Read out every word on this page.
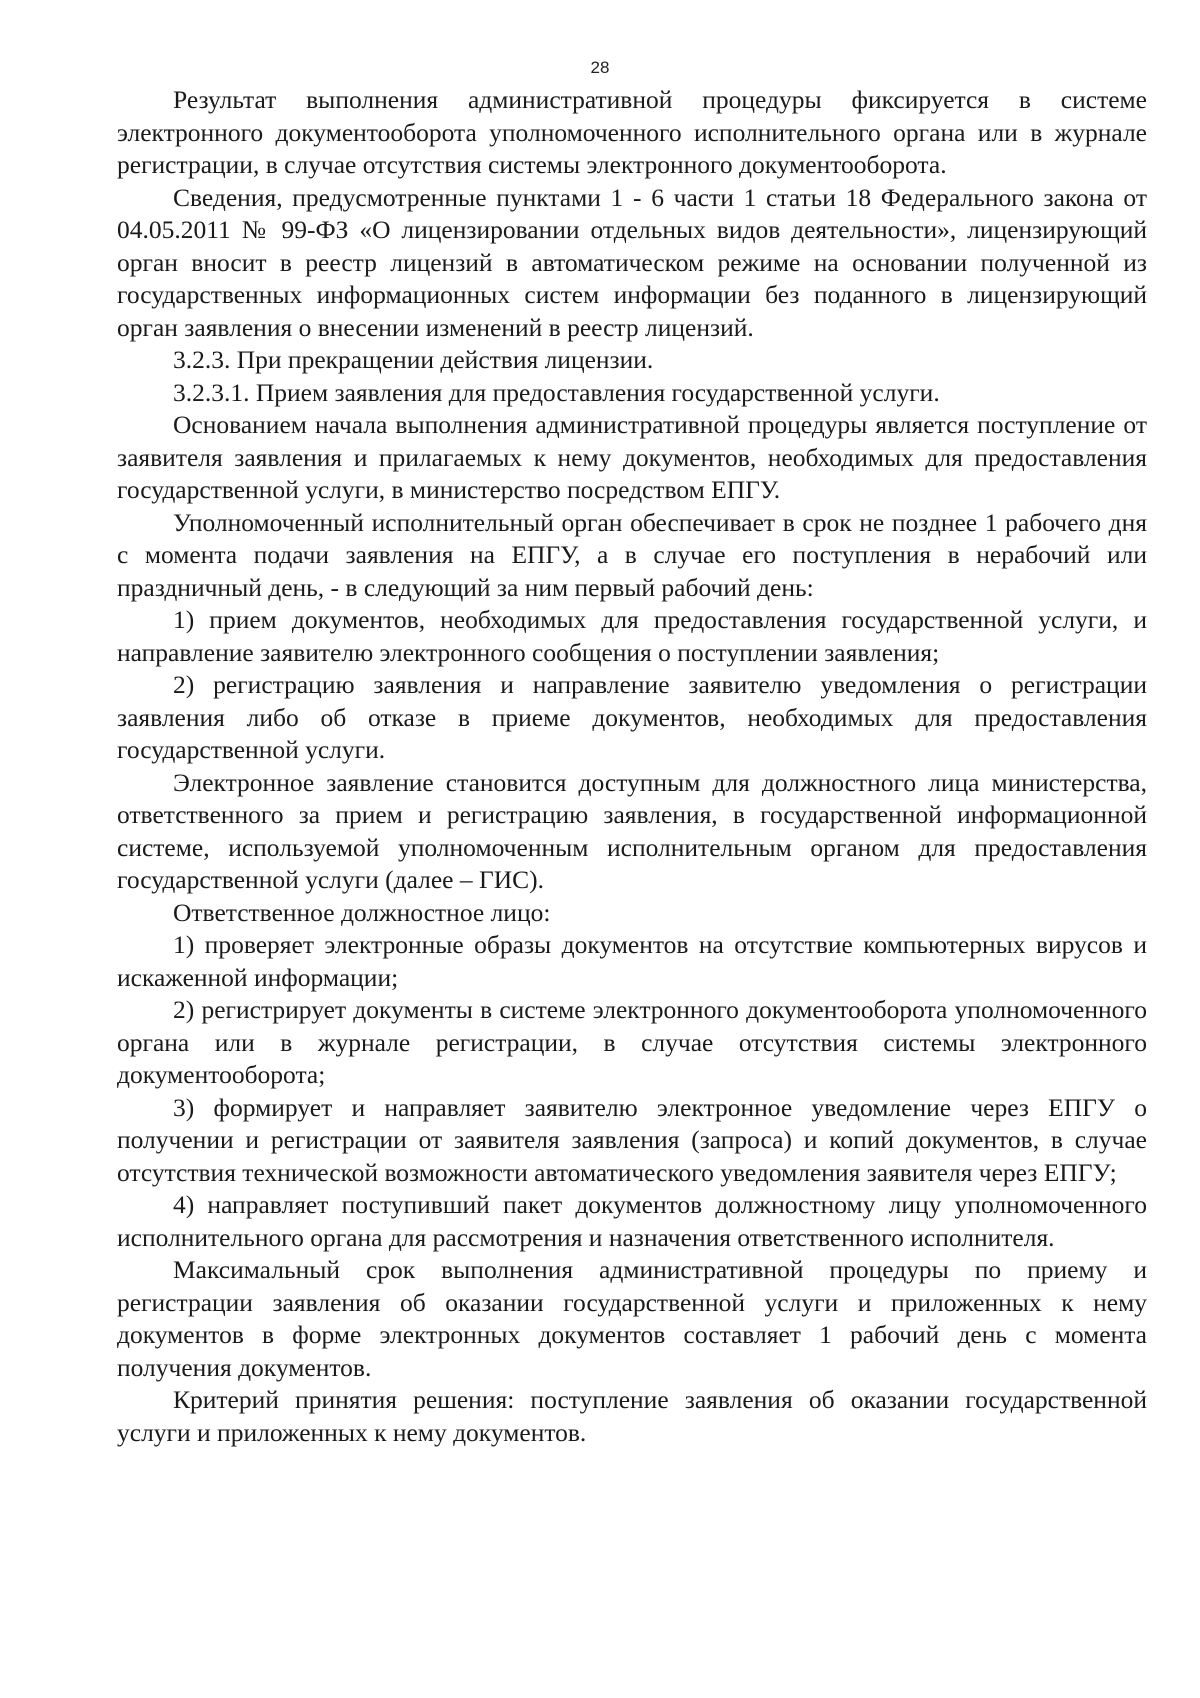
28

Результат выполнения административной процедуры фиксируется в системе электронного документооборота уполномоченного исполнительного органа или в журнале регистрации, в случае отсутствия системы электронного документооборота.

Сведения, предусмотренные пунктами 1 - 6 части 1 статьи 18 Федерального закона от 04.05.2011 № 99-ФЗ «О лицензировании отдельных видов деятельности», лицензирующий орган вносит в реестр лицензий в автоматическом режиме на основании полученной из государственных информационных систем информации без поданного в лицензирующий орган заявления о внесении изменений в реестр лицензий.

3.2.3. При прекращении действия лицензии.

3.2.3.1. Прием заявления для предоставления государственной услуги.

Основанием начала выполнения административной процедуры является поступление от заявителя заявления и прилагаемых к нему документов, необходимых для предоставления государственной услуги, в министерство посредством ЕПГУ.

Уполномоченный исполнительный орган обеспечивает в срок не позднее 1 рабочего дня с момента подачи заявления на ЕПГУ, а в случае его поступления в нерабочий или праздничный день, - в следующий за ним первый рабочий день:

1) прием документов, необходимых для предоставления государственной услуги, и направление заявителю электронного сообщения о поступлении заявления;

2) регистрацию заявления и направление заявителю уведомления о регистрации заявления либо об отказе в приеме документов, необходимых для предоставления государственной услуги.

Электронное заявление становится доступным для должностного лица министерства, ответственного за прием и регистрацию заявления, в государственной информационной системе, используемой уполномоченным исполнительным органом для предоставления государственной услуги (далее – ГИС).

Ответственное должностное лицо:

1) проверяет электронные образы документов на отсутствие компьютерных вирусов и искаженной информации;

2) регистрирует документы в системе электронного документооборота уполномоченного органа или в журнале регистрации, в случае отсутствия системы электронного документооборота;

3) формирует и направляет заявителю электронное уведомление через ЕПГУ о получении и регистрации от заявителя заявления (запроса) и копий документов, в случае отсутствия технической возможности автоматического уведомления заявителя через ЕПГУ;

4) направляет поступивший пакет документов должностному лицу уполномоченного исполнительного органа для рассмотрения и назначения ответственного исполнителя.

Максимальный срок выполнения административной процедуры по приему и регистрации заявления об оказании государственной услуги и приложенных к нему документов в форме электронных документов составляет 1 рабочий день с момента получения документов.

Критерий принятия решения: поступление заявления об оказании государственной услуги и приложенных к нему документов.
